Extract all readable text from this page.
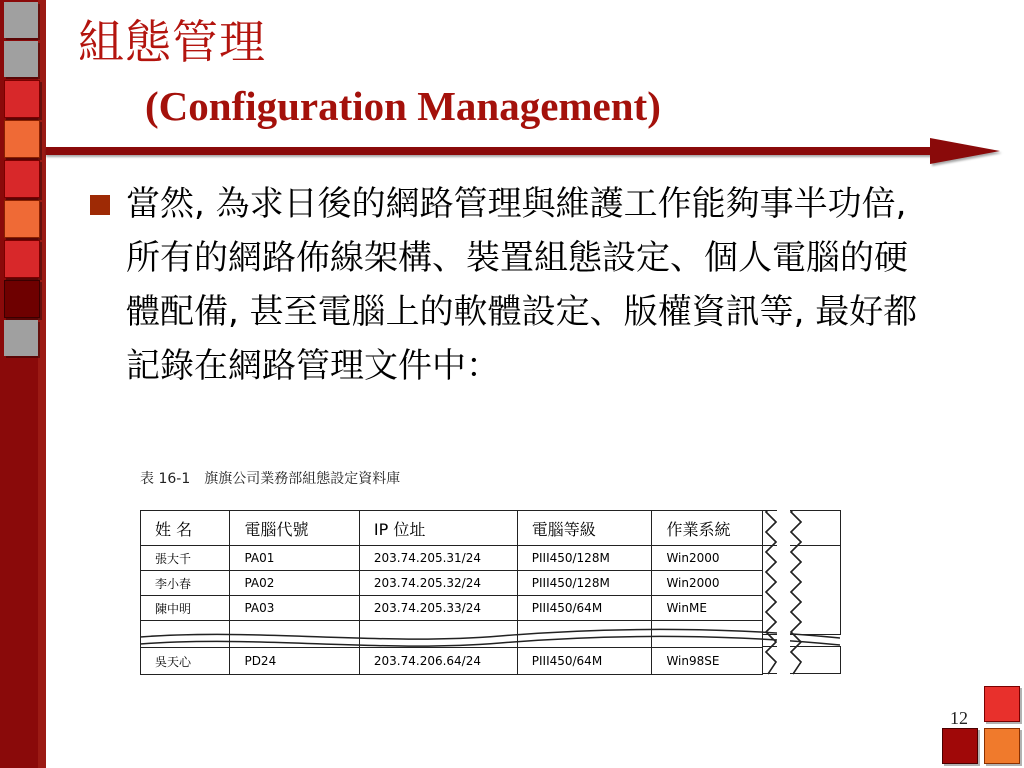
組態管理
(Configuration Management)
當然, 為求日後的網路管理與維護工作能夠事半功倍, 所有的網路佈線架構、裝置組態設定、個人電腦的硬體配備, 甚至電腦上的軟體設定、版權資訊等, 最好都記錄在網路管理文件中：
表 16-1　旗旗公司業務部組態設定資料庫
姓 名	電腦代號	IP 位址	電腦等級	作業系統
張大千	PA01	203.74.205.31/24	PIII450/128M	Win2000
李小春	PA02	203.74.205.32/24	PIII450/128M	Win2000
陳中明	PA03	203.74.205.33/24	PIII450/64M	WinME

吳天心	PD24	203.74.206.64/24	PIII450/64M	Win98SE
12
